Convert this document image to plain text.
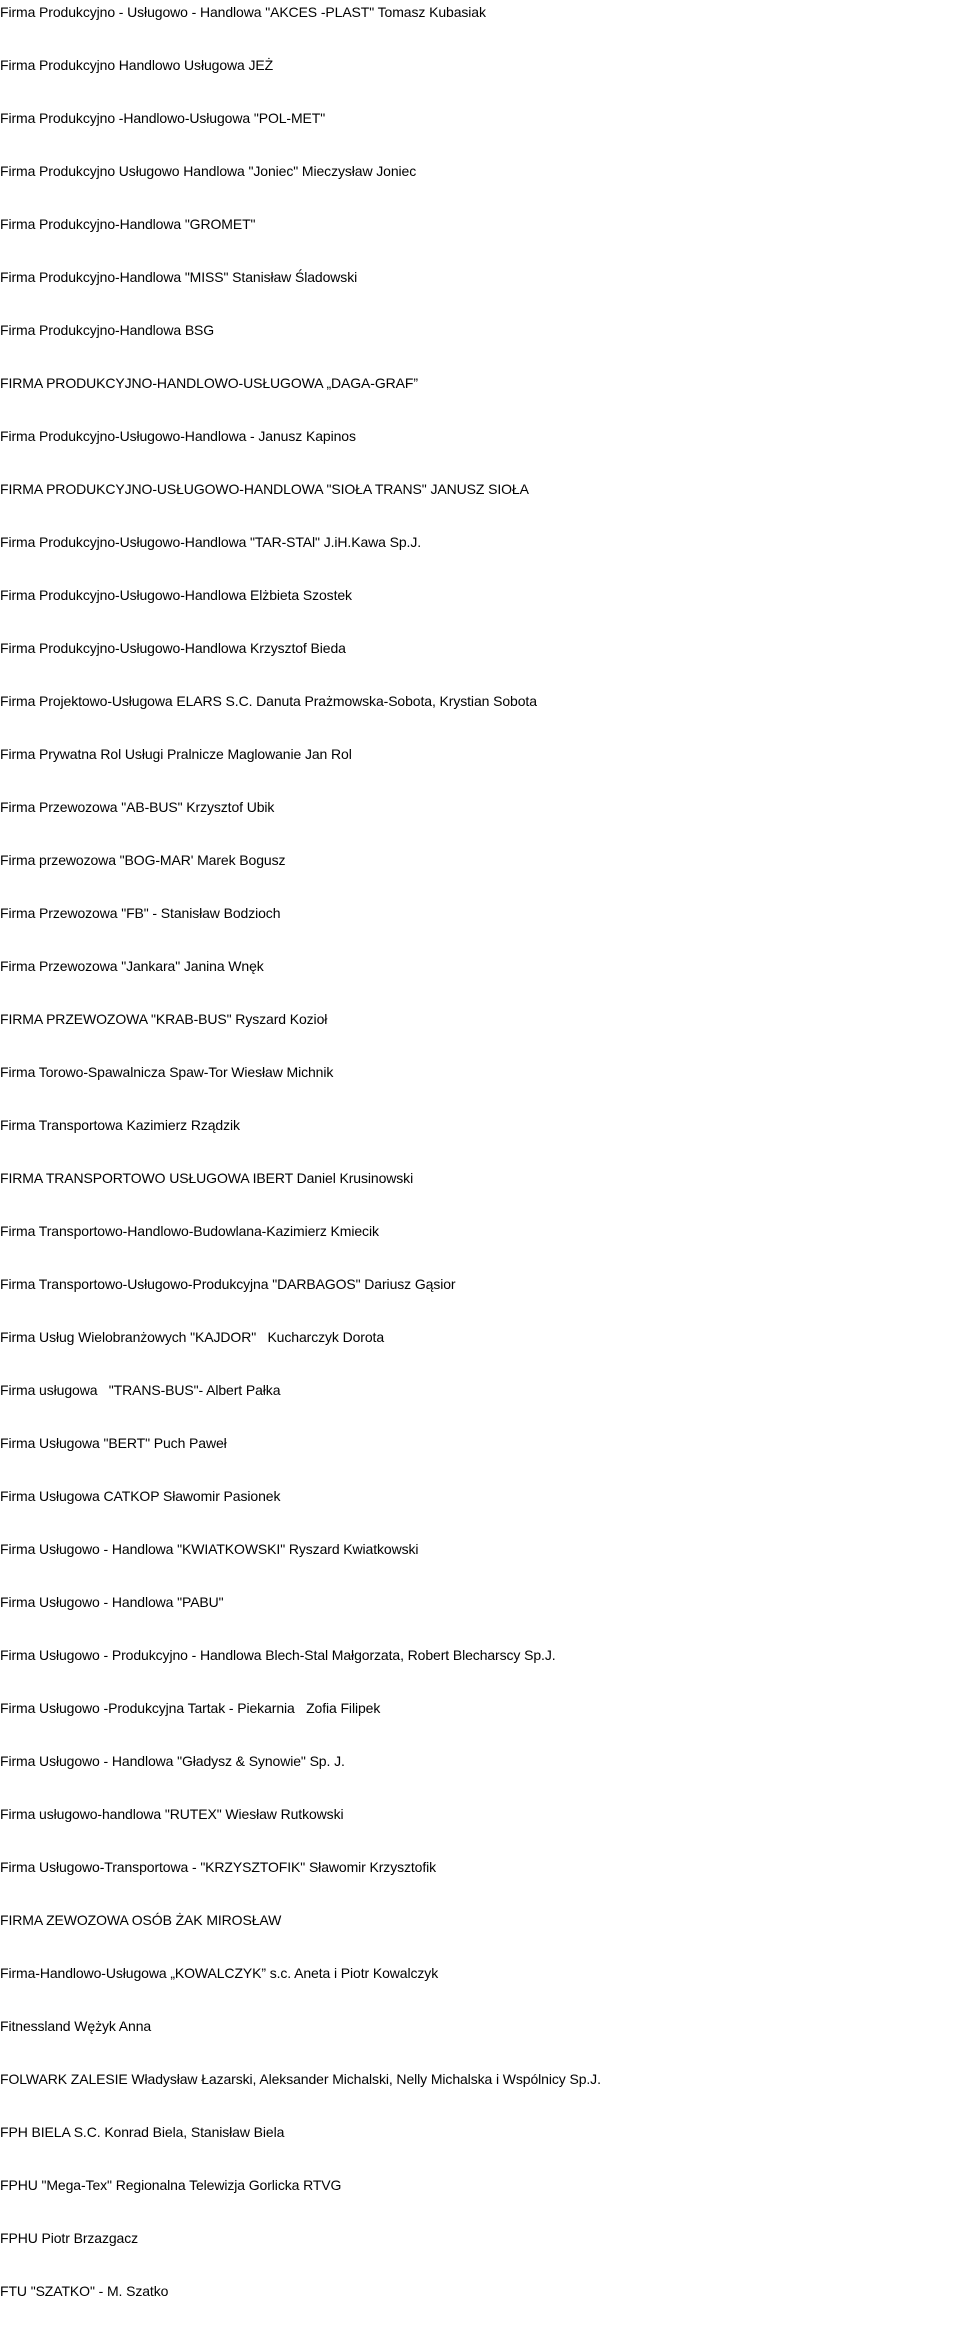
Firma Produkcyjno - Usługowo - Handlowa "AKCES -PLAST" Tomasz Kubasiak
Firma Produkcyjno Handlowo Usługowa JEŻ
Firma Produkcyjno -Handlowo-Usługowa "POL-MET"
Firma Produkcyjno Usługowo Handlowa "Joniec" Mieczysław Joniec
Firma Produkcyjno-Handlowa "GROMET"
Firma Produkcyjno-Handlowa "MISS" Stanisław Śladowski
Firma Produkcyjno-Handlowa BSG
FIRMA PRODUKCYJNO-HANDLOWO-USŁUGOWA „DAGA-GRAF”
Firma Produkcyjno-Usługowo-Handlowa - Janusz Kapinos
FIRMA PRODUKCYJNO-USŁUGOWO-HANDLOWA "SIOŁA TRANS" JANUSZ SIOŁA
Firma Produkcyjno-Usługowo-Handlowa "TAR-STAl" J.iH.Kawa Sp.J.
Firma Produkcyjno-Usługowo-Handlowa Elżbieta Szostek
Firma Produkcyjno-Usługowo-Handlowa Krzysztof Bieda
Firma Projektowo-Usługowa ELARS S.C. Danuta Prażmowska-Sobota, Krystian Sobota
Firma Prywatna Rol Usługi Pralnicze Maglowanie Jan Rol
Firma Przewozowa "AB-BUS" Krzysztof Ubik
Firma przewozowa "BOG-MAR' Marek Bogusz
Firma Przewozowa "FB" - Stanisław Bodzioch
Firma Przewozowa "Jankara" Janina Wnęk
FIRMA PRZEWOZOWA "KRAB-BUS" Ryszard Kozioł
Firma Torowo-Spawalnicza Spaw-Tor Wiesław Michnik
Firma Transportowa Kazimierz Rządzik
FIRMA TRANSPORTOWO USŁUGOWA IBERT Daniel Krusinowski
Firma Transportowo-Handlowo-Budowlana-Kazimierz Kmiecik
Firma Transportowo-Usługowo-Produkcyjna "DARBAGOS" Dariusz Gąsior
Firma Usług Wielobranżowych "KAJDOR"   Kucharczyk Dorota
Firma usługowa   "TRANS-BUS"- Albert Pałka
Firma Usługowa "BERT" Puch Paweł
Firma Usługowa CATKOP Sławomir Pasionek
Firma Usługowo - Handlowa "KWIATKOWSKI" Ryszard Kwiatkowski
Firma Usługowo - Handlowa "PABU"
Firma Usługowo - Produkcyjno - Handlowa Blech-Stal Małgorzata, Robert Blecharscy Sp.J.
Firma Usługowo -Produkcyjna Tartak - Piekarnia   Zofia Filipek
Firma Usługowo - Handlowa "Gładysz & Synowie" Sp. J.
Firma usługowo-handlowa "RUTEX" Wiesław Rutkowski
Firma Usługowo-Transportowa - "KRZYSZTOFIK" Sławomir Krzysztofik
FIRMA ZEWOZOWA OSÓB ŻAK MIROSŁAW
Firma-Handlowo-Usługowa „KOWALCZYK” s.c. Aneta i Piotr Kowalczyk
Fitnessland Wężyk Anna
FOLWARK ZALESIE Władysław Łazarski, Aleksander Michalski, Nelly Michalska i Wspólnicy Sp.J.
FPH BIELA S.C. Konrad Biela, Stanisław Biela
FPHU "Mega-Tex" Regionalna Telewizja Gorlicka RTVG
FPHU Piotr Brzazgacz
FTU "SZATKO" - M. Szatko
